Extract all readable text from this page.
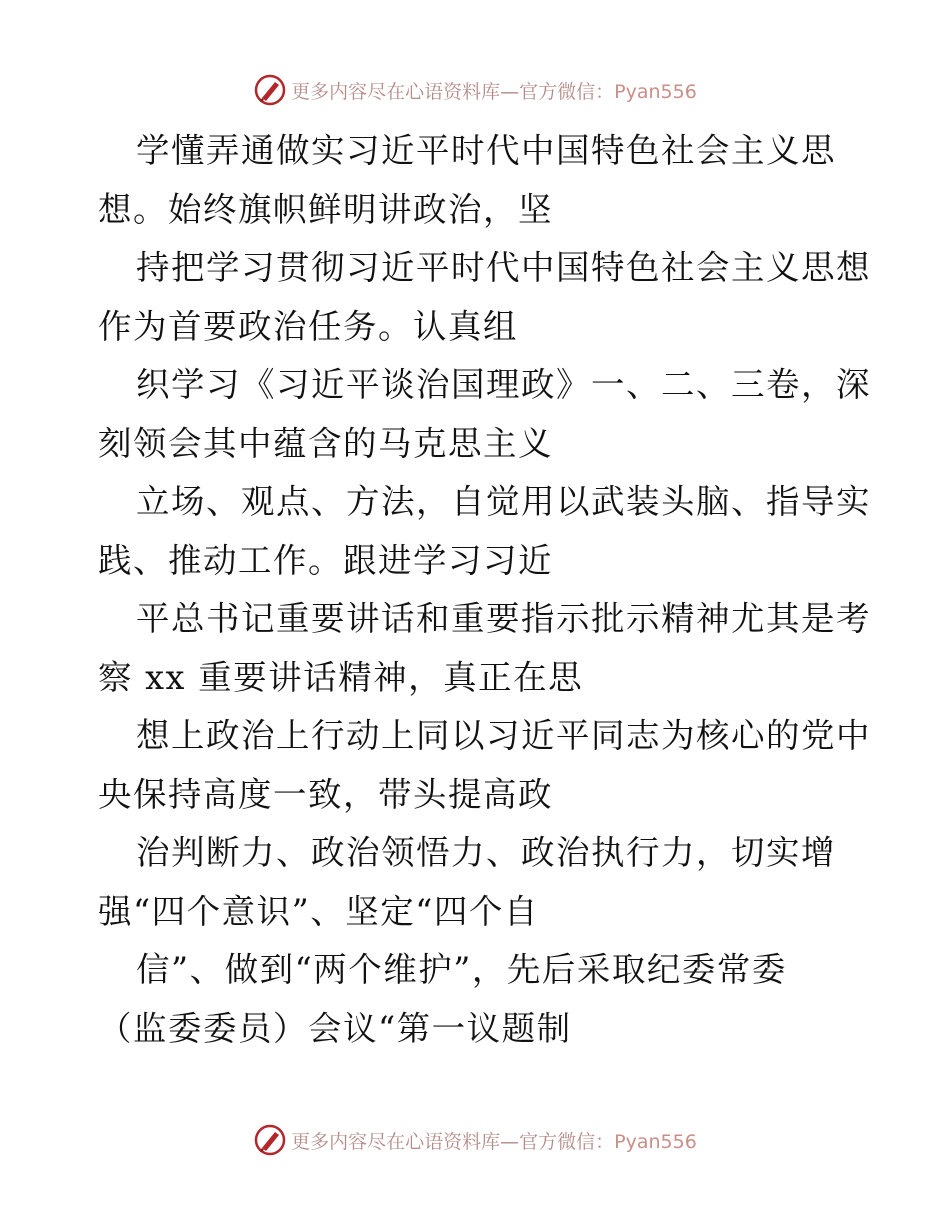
更多内容尽在心语资料库—官方微信：Pyan556
学懂弄通做实习近平时代中国特色社会主义思
想。始终旗帜鲜明讲政治，坚
持把学习贯彻习近平时代中国特色社会主义思想
作为首要政治任务。认真组
织学习《习近平谈治国理政》一、二、三卷，深
刻领会其中蕴含的马克思主义
立场、观点、方法，自觉用以武装头脑、指导实
践、推动工作。跟进学习习近
平总书记重要讲话和重要指示批示精神尤其是考
察 xx 重要讲话精神，真正在思
想上政治上行动上同以习近平同志为核心的党中
央保持高度一致，带头提高政
治判断力、政治领悟力、政治执行力，切实增
强“四个意识”、坚定“四个自
信”、做到“两个维护”，先后采取纪委常委
（监委委员）会议“第一议题制
更多内容尽在心语资料库—官方微信：Pyan556
